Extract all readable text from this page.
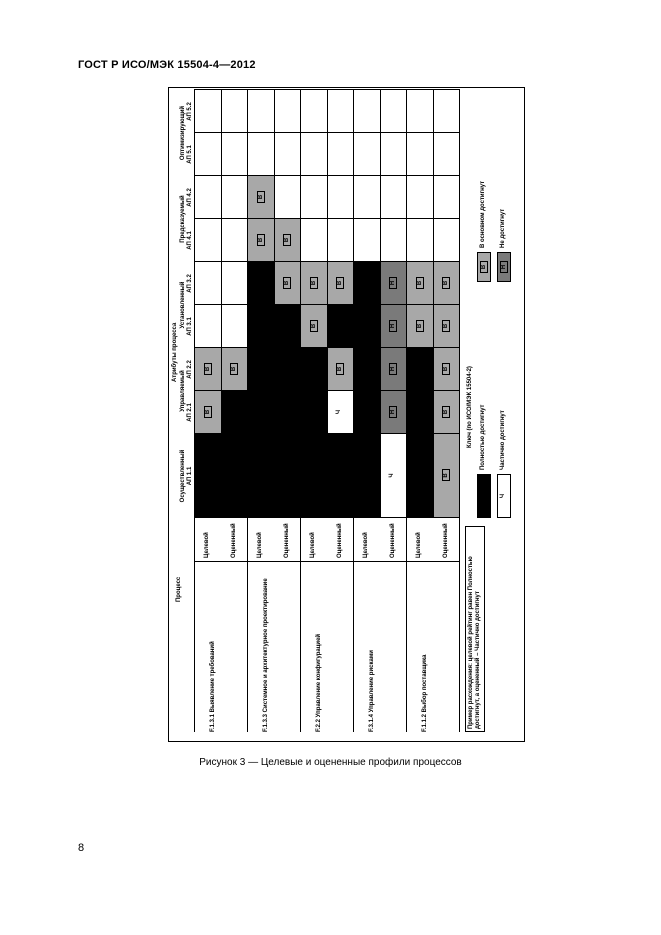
ГОСТ Р ИСО/МЭК 15504-4—2012
Процесс
Атрибуты процесса
Осуществленный
Управляемый
Установленный
Предсказуемый
Оптимизирующий
АП 1.1
АП 2.1
АП 2.2
АП 3.1
АП 3.2
АП 4.1
АП 4.2
АП 5.1
АП 5.2
F.1.3.1 Выявление требований
Целевой
В
В
Оцененный
В
F.1.3.3 Системное и архитектурное проектирование
Целевой
В
В
Оцененный
В
В
F.2.2 Управление конфигурацией
Целевой
В
В
Оцененный
Ч
В
В
F.3.1.4 Управление рисками
Целевой	Оцененный
Ч
Н
Н
Н
Н
F.1.1.2 Выбор поставщика
Целевой
В
В
Оцененный
В
В
В
В
В
Ключ (по ИСО/МЭК 15504-2) Полностью достигнут
Ч
Частично достигнут
В
В основном достигнут
Н
Не достигнут
Пример расхождения: целевой рейтинг равен Полностью достигнут, а оцененный – Частично достигнут
Рисунок 3 — Целевые и оцененные профили процессов
8
